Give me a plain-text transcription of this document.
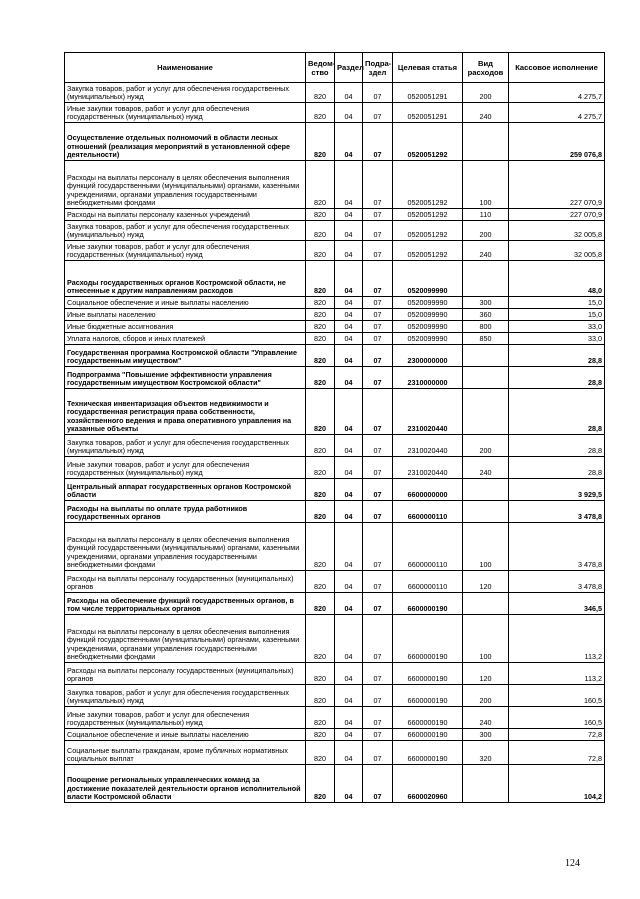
Наименование	Ведом-ство	Раздел	Подра-здел	Целевая статья	Вид расходов	Кассовое исполнение
Закупка товаров, работ и услуг для обеспечения государственных (муниципальных) нужд	820	04	07	0520051291	200	4 275,7
Иные закупки товаров, работ и услуг для обеспечения государственных (муниципальных) нужд	820	04	07	0520051291	240	4 275,7
Осуществление отдельных полномочий в области лесных отношений (реализация мероприятий в установленной сфере деятельности)	820	04	07	0520051292		259 076,8
Расходы на выплаты персоналу в целях обеспечения выполнения функций государственными (муниципальными) органами, казенными учреждениями, органами управления государственными внебюджетными фондами	820	04	07	0520051292	100	227 070,9
Расходы на выплаты персоналу казенных учреждений	820	04	07	0520051292	110	227 070,9
Закупка товаров, работ и услуг для обеспечения государственных (муниципальных) нужд	820	04	07	0520051292	200	32 005,8
Иные закупки товаров, работ и услуг для обеспечения государственных (муниципальных) нужд	820	04	07	0520051292	240	32 005,8
Расходы государственных органов Костромской области, не отнесенные к другим направлениям расходов	820	04	07	0520099990		48,0
Социальное обеспечение и иные выплаты населению	820	04	07	0520099990	300	15,0
Иные выплаты населению	820	04	07	0520099990	360	15,0
Иные бюджетные ассигнования	820	04	07	0520099990	800	33,0
Уплата налогов, сборов и иных платежей	820	04	07	0520099990	850	33,0
Государственная программа Костромской области "Управление государственным имуществом"	820	04	07	2300000000		28,8
Подпрограмма "Повышение эффективности управления государственным имуществом Костромской области"	820	04	07	2310000000		28,8
Техническая инвентаризация объектов недвижимости и государственная регистрация права собственности, хозяйственного ведения и права оперативного управления на указанные объекты	820	04	07	2310020440		28,8
Закупка товаров, работ и услуг для обеспечения государственных (муниципальных) нужд	820	04	07	2310020440	200	28,8
Иные закупки товаров, работ и услуг для обеспечения государственных (муниципальных) нужд	820	04	07	2310020440	240	28,8
Центральный аппарат государственных органов Костромской области	820	04	07	6600000000		3 929,5
Расходы на выплаты по оплате труда работников государственных органов	820	04	07	6600000110		3 478,8
Расходы на выплаты персоналу в целях обеспечения выполнения функций государственными (муниципальными) органами, казенными учреждениями, органами управления государственными внебюджетными фондами	820	04	07	6600000110	100	3 478,8
Расходы на выплаты персоналу государственных (муниципальных) органов	820	04	07	6600000110	120	3 478,8
Расходы на обеспечение функций государственных органов, в том числе территориальных органов	820	04	07	6600000190		346,5
Расходы на выплаты персоналу в целях обеспечения выполнения функций государственными (муниципальными) органами, казенными учреждениями, органами управления государственными внебюджетными фондами	820	04	07	6600000190	100	113,2
Расходы на выплаты персоналу государственных (муниципальных) органов	820	04	07	6600000190	120	113,2
Закупка товаров, работ и услуг для обеспечения государственных (муниципальных) нужд	820	04	07	6600000190	200	160,5
Иные закупки товаров, работ и услуг для обеспечения государственных (муниципальных) нужд	820	04	07	6600000190	240	160,5
Социальное обеспечение и иные выплаты населению	820	04	07	6600000190	300	72,8
Социальные выплаты гражданам, кроме публичных нормативных социальных выплат	820	04	07	6600000190	320	72,8
Поощрение региональных управленческих команд за достижение показателей деятельности органов исполнительной власти Костромской области	820	04	07	6600020960		104,2
124
